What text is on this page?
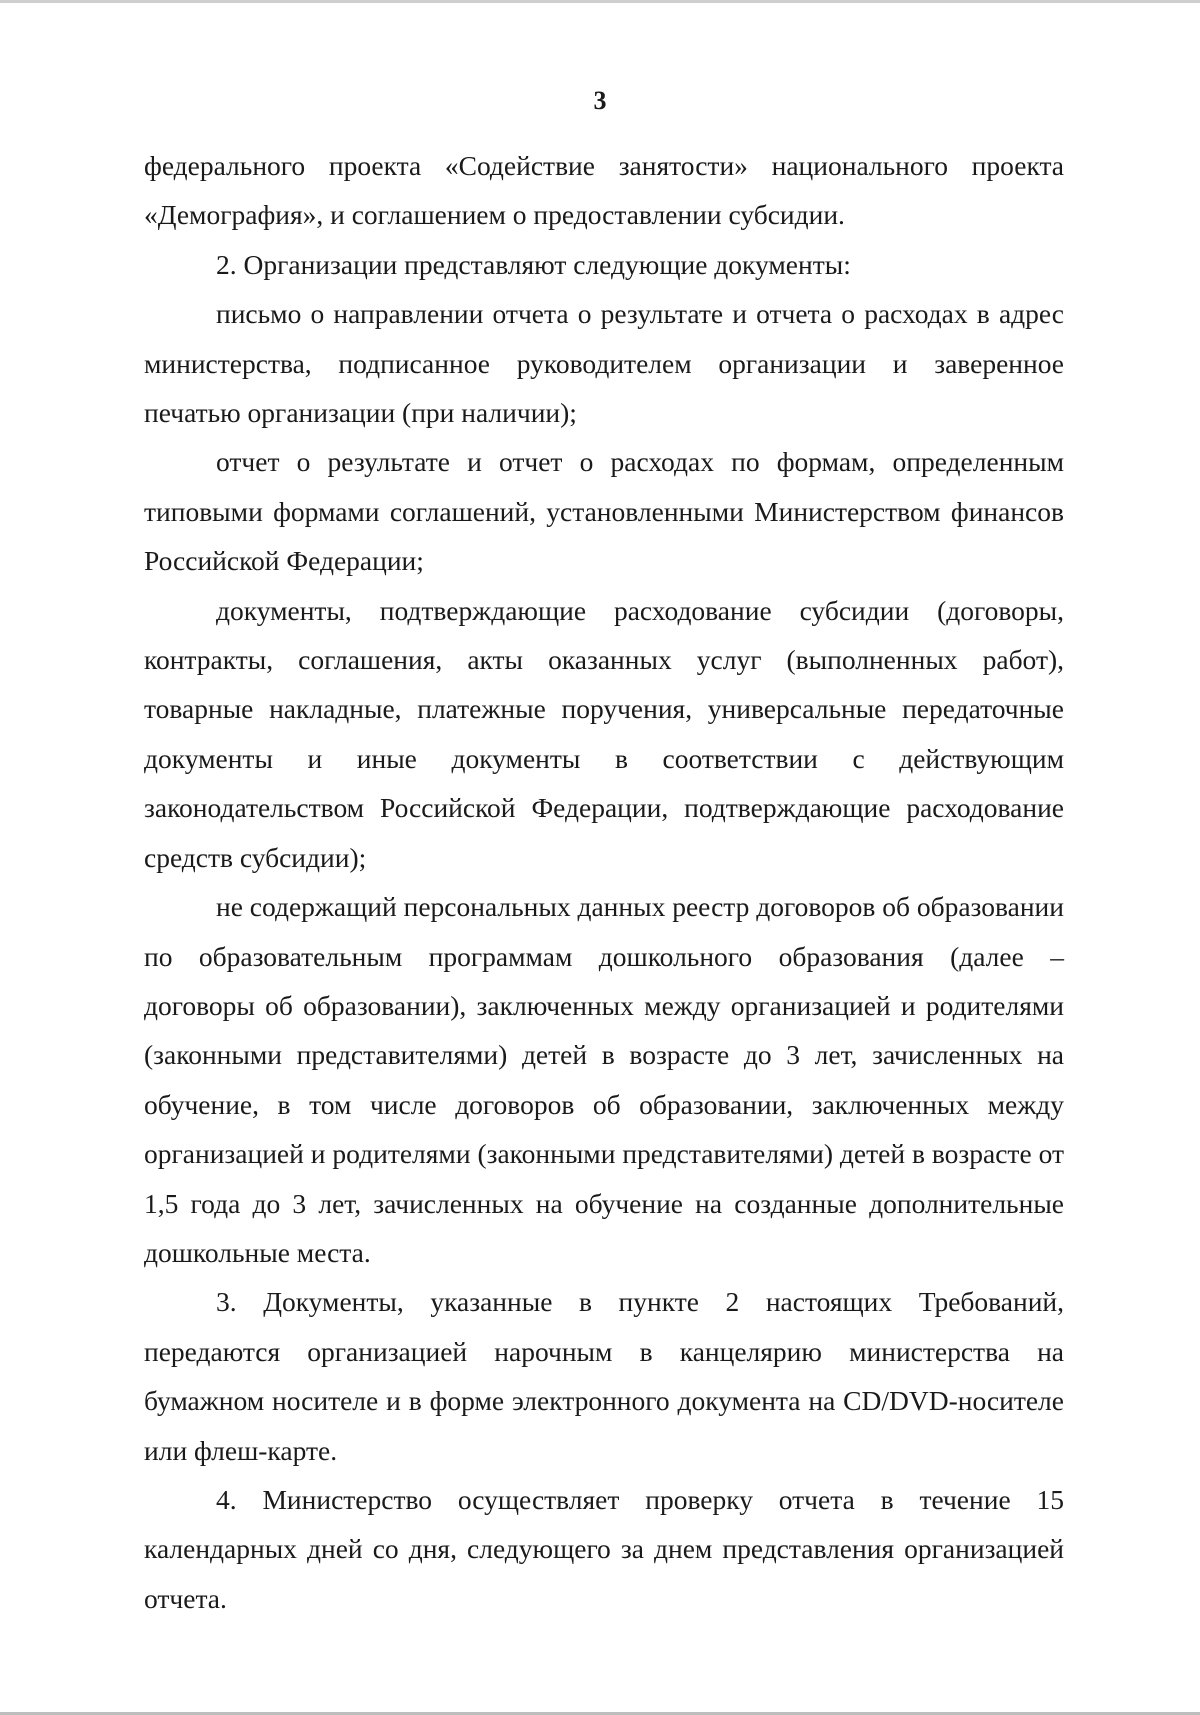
3

федерального проекта «Содействие занятости» национального проекта «Демография», и соглашением о предоставлении субсидии.

2. Организации представляют следующие документы:

письмо о направлении отчета о результате и отчета о расходах в адрес министерства, подписанное руководителем организации и заверенное печатью организации (при наличии);

отчет о результате и отчет о расходах по формам, определенным типовыми формами соглашений, установленными Министерством финансов Российской Федерации;

документы, подтверждающие расходование субсидии (договоры, контракты, соглашения, акты оказанных услуг (выполненных работ), товарные накладные, платежные поручения, универсальные передаточные документы и иные документы в соответствии с действующим законодательством Российской Федерации, подтверждающие расходование средств субсидии);

не содержащий персональных данных реестр договоров об образовании по образовательным программам дошкольного образования (далее – договоры об образовании), заключенных между организацией и родителями (законными представителями) детей в возрасте до 3 лет, зачисленных на обучение, в том числе договоров об образовании, заключенных между организацией и родителями (законными представителями) детей в возрасте от 1,5 года до 3 лет, зачисленных на обучение на созданные дополнительные дошкольные места.

3. Документы, указанные в пункте 2 настоящих Требований, передаются организацией нарочным в канцелярию министерства на бумажном носителе и в форме электронного документа на CD/DVD-носителе или флеш-карте.

4. Министерство осуществляет проверку отчета в течение 15 календарных дней со дня, следующего за днем представления организацией отчета.
